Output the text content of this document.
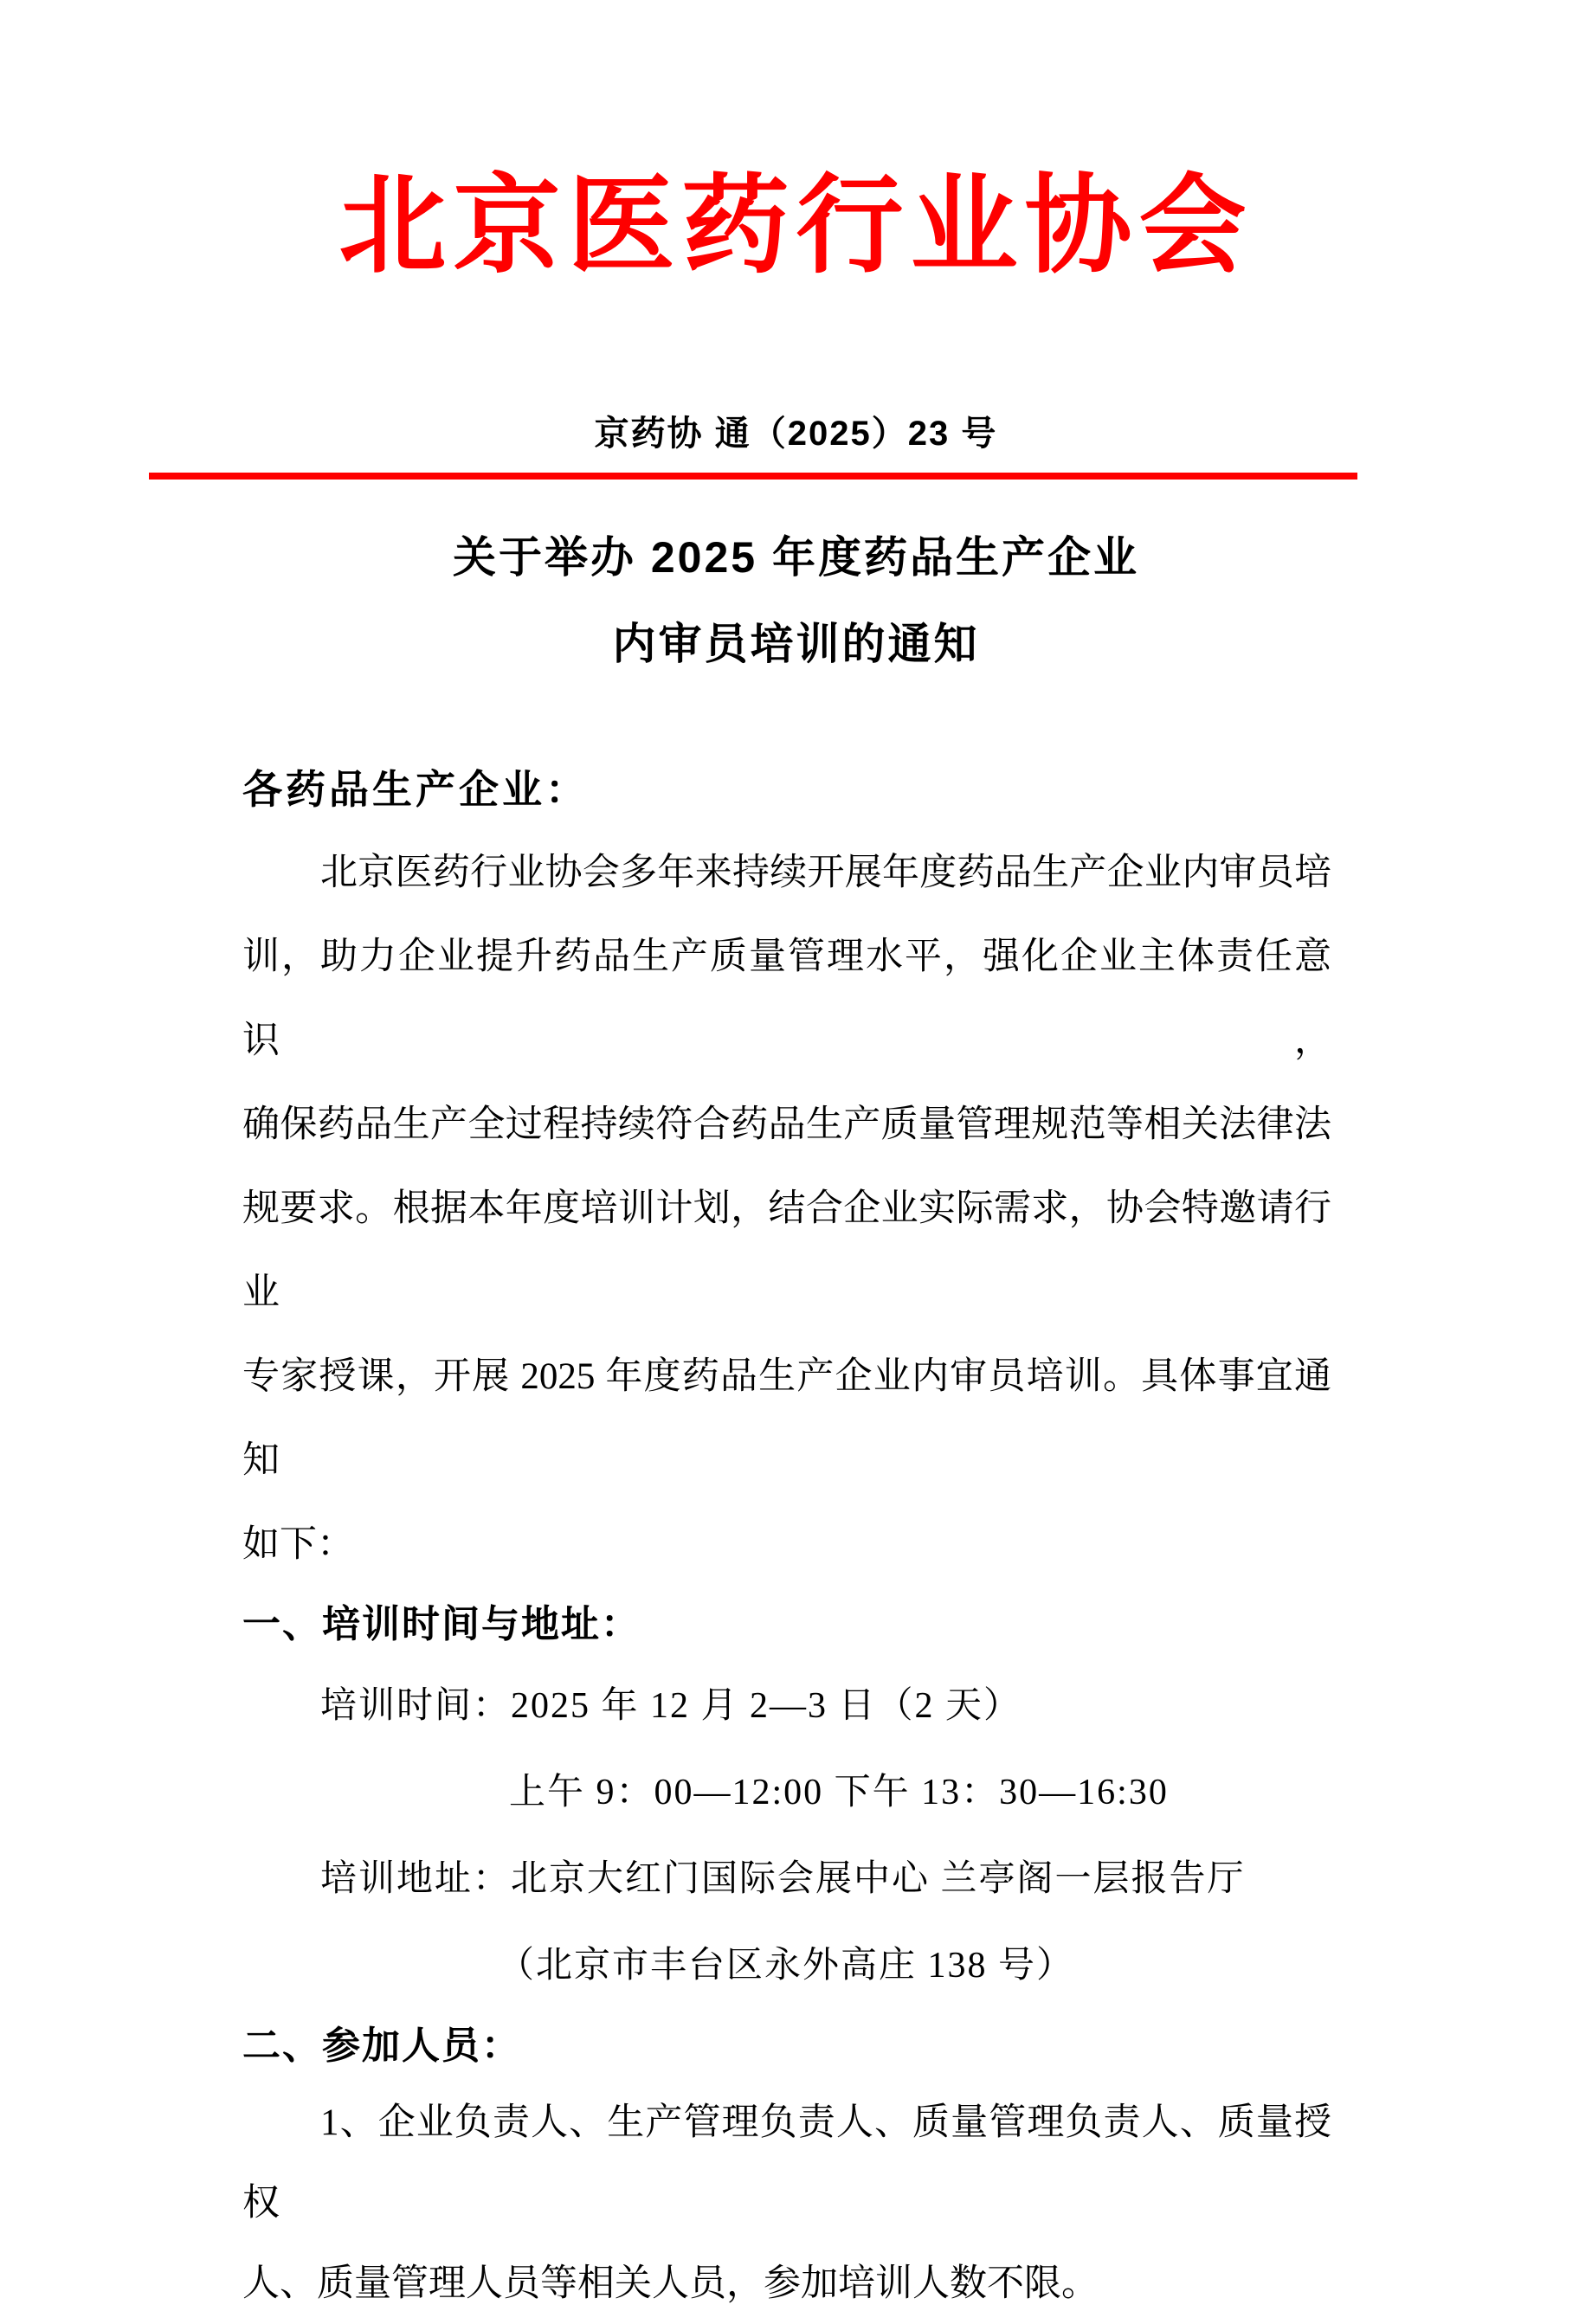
北京医药行业协会
京药协 通（2025）23 号
关于举办 2025 年度药品生产企业
内审员培训的通知
各药品生产企业：
北京医药行业协会多年来持续开展年度药品生产企业内审员培
训，助力企业提升药品生产质量管理水平，强化企业主体责任意识，
确保药品生产全过程持续符合药品生产质量管理规范等相关法律法
规要求。根据本年度培训计划，结合企业实际需求，协会特邀请行业
专家授课，开展 2025 年度药品生产企业内审员培训。具体事宜通知
如下：
一、培训时间与地址：
培训时间：2025 年 12 月 2—3 日（2 天）
上午 9：00—12:00 下午 13：30—16:30
培训地址：北京大红门国际会展中心 兰亭阁一层报告厅
（北京市丰台区永外高庄 138 号）
二、参加人员：
1、企业负责人、生产管理负责人、质量管理负责人、质量授权
人、质量管理人员等相关人员，参加培训人数不限。
